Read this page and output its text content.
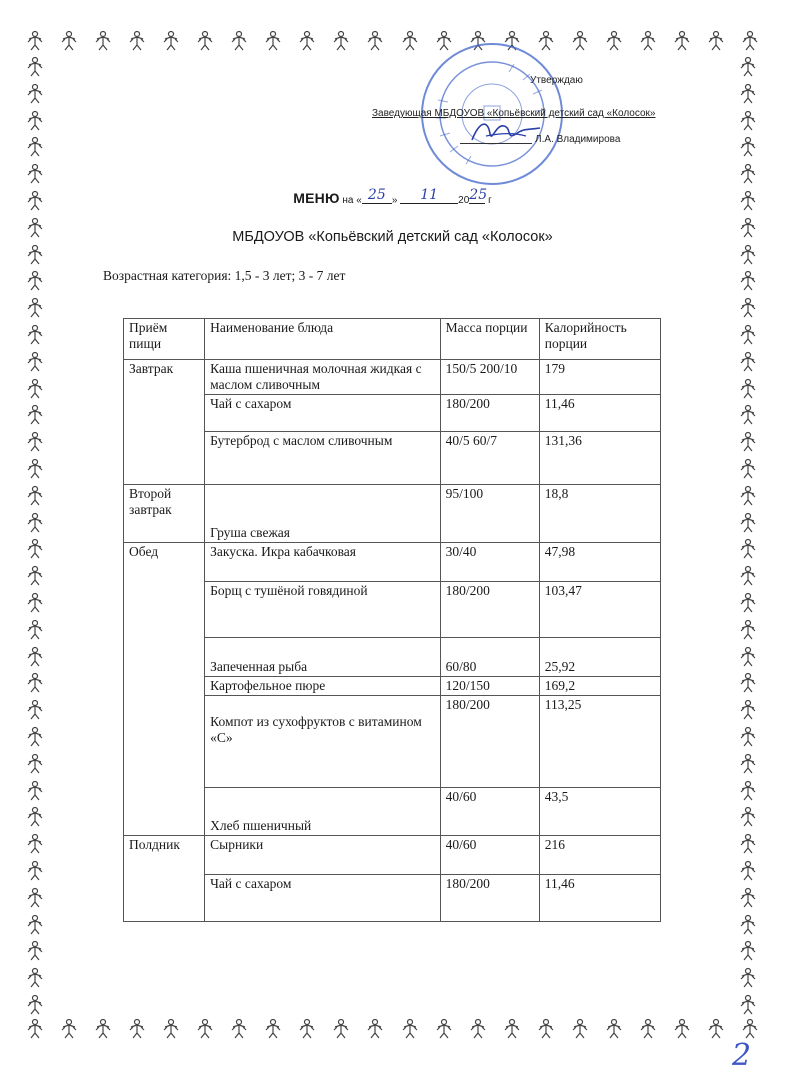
Утверждаю
Заведующая МБДОУОВ «Копьёвский детский сад «Колосок»
Л.А. Владимирова
МЕНЮ на « 25 » 11 2025 г
МБДОУОВ «Копьёвский детский сад «Колосок»
Возрастная категория: 1,5 - 3 лет; 3 - 7 лет
Приём пищи	Наименование блюда	Масса порции	Калорийность порции
Завтрак	Каша пшеничная молочная жидкая с маслом сливочным	150/5 200/10	179
	Чай с сахаром	180/200	11,46
	Бутерброд с маслом сливочным	40/5 60/7	131,36
Второй завтрак	Груша свежая	95/100	18,8
Обед	Закуска. Икра кабачковая	30/40	47,98
	Борщ с тушёной говядиной	180/200	103,47
	Запеченная рыба	60/80	25,92
	Картофельное пюре	120/150	169,2
	Компот из сухофруктов с витамином «С»	180/200	113,25
	Хлеб пшеничный	40/60	43,5
Полдник	Сырники	40/60	216
	Чай с сахаром	180/200	11,46
2
